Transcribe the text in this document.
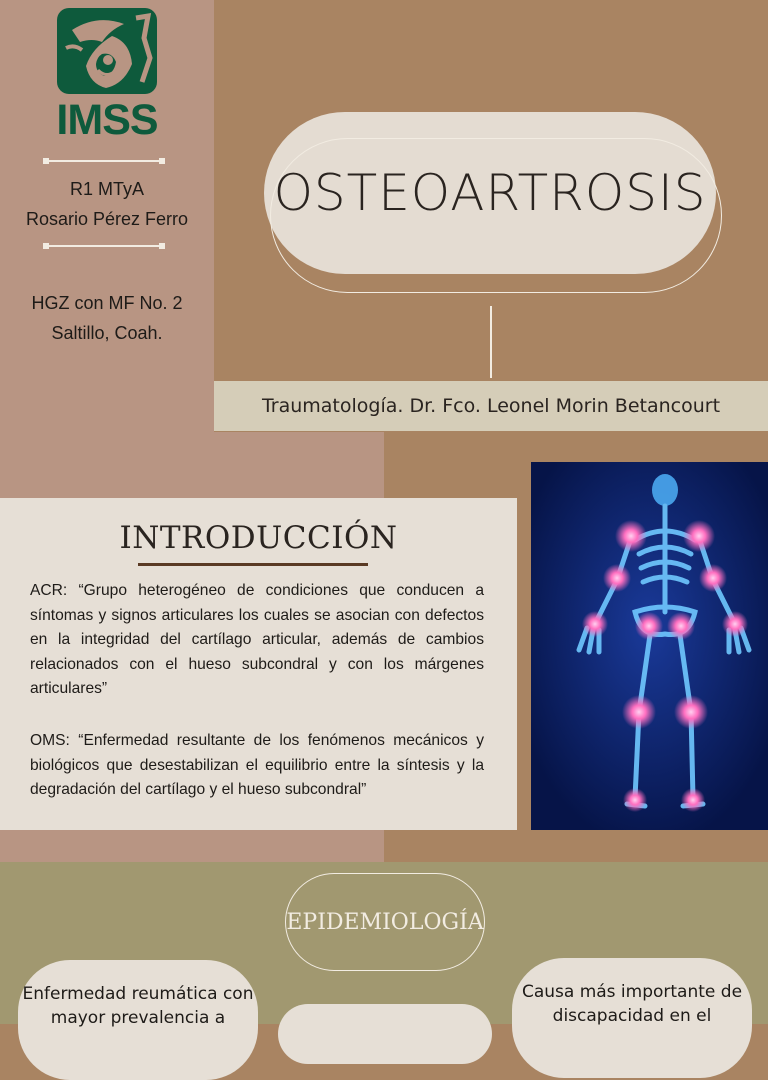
IMSS
R1 MTyA
Rosario Pérez Ferro
HGZ con MF No. 2
Saltillo, Coah.
OSTEOARTROSIS
Traumatología. Dr. Fco. Leonel Morin Betancourt
INTRODUCCIÓN
ACR: “Grupo heterogéneo de condiciones que conducen a síntomas y signos articulares los cuales se asocian con defectos en la integridad del cartílago articular, además de cambios relacionados con el hueso subcondral y con los márgenes articulares”
OMS: “Enfermedad resultante de los fenómenos mecánicos y biológicos que desestabilizan el equilibrio entre la síntesis y la degradación del cartílago y el hueso subcondral”
EPIDEMIOLOGÍA
Enfermedad reumática con mayor prevalencia a
Causa más importante de discapacidad en el
